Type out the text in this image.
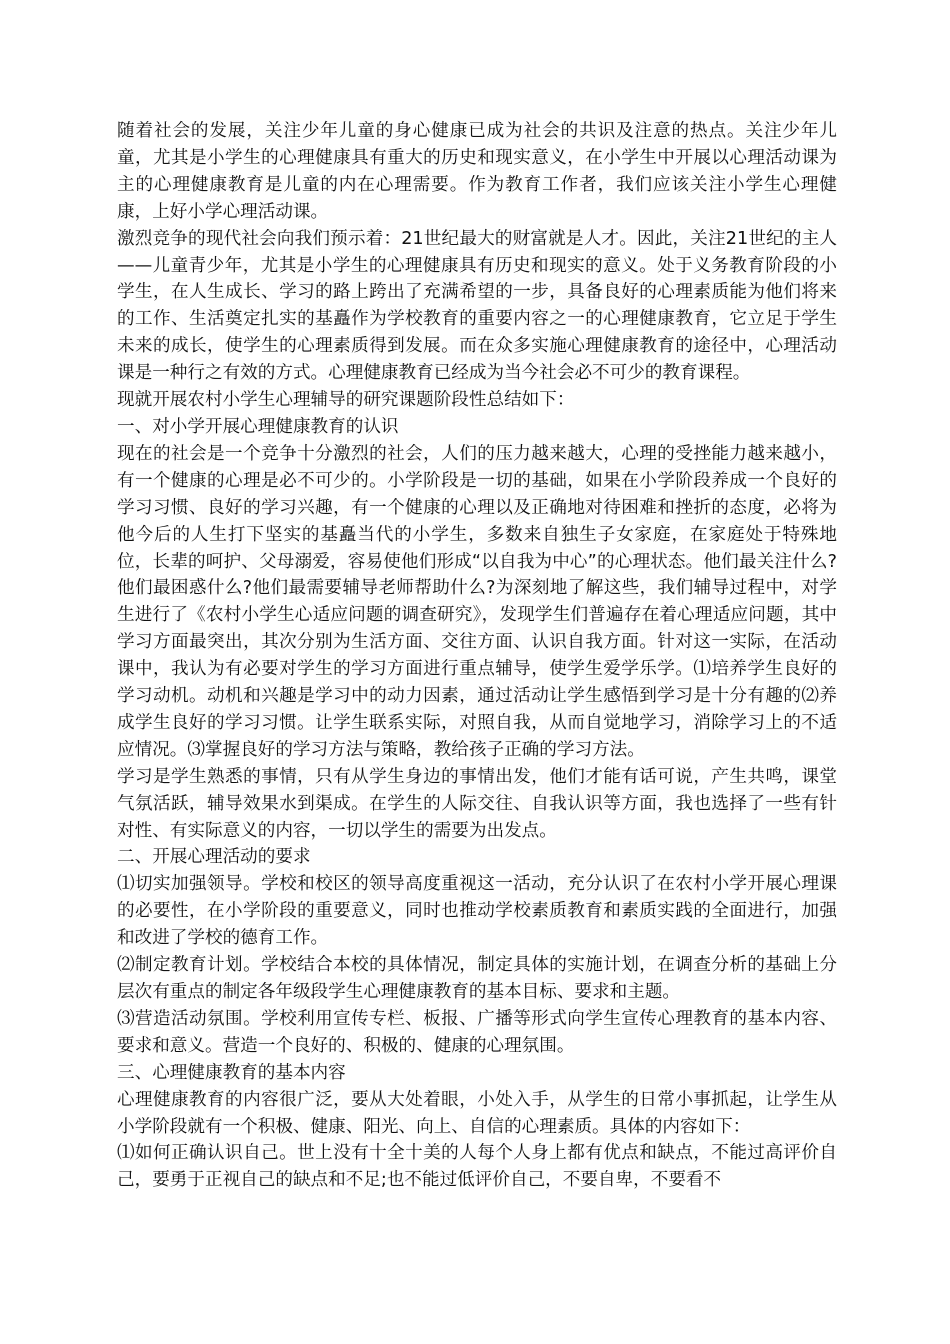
随着社会的发展，关注少年儿童的身心健康已成为社会的共识及注意的热点。关注少年儿童，尤其是小学生的心理健康具有重大的历史和现实意义，在小学生中开展以心理活动课为主的心理健康教育是儿童的内在心理需要。作为教育工作者，我们应该关注小学生心理健康，上好小学心理活动课。

激烈竞争的现代社会向我们预示着：21世纪最大的财富就是人才。因此，关注21世纪的主人——儿童青少年，尤其是小学生的心理健康具有历史和现实的意义。处于义务教育阶段的小学生，在人生成长、学习的路上跨出了充满希望的一步，具备良好的心理素质能为他们将来的工作、生活奠定扎实的基矗作为学校教育的重要内容之一的心理健康教育，它立足于学生未来的成长，使学生的心理素质得到发展。而在众多实施心理健康教育的途径中，心理活动课是一种行之有效的方式。心理健康教育已经成为当今社会必不可少的教育课程。

现就开展农村小学生心理辅导的研究课题阶段性总结如下：

一、对小学开展心理健康教育的认识

现在的社会是一个竞争十分激烈的社会，人们的压力越来越大，心理的受挫能力越来越小，有一个健康的心理是必不可少的。小学阶段是一切的基础，如果在小学阶段养成一个良好的学习习惯、良好的学习兴趣，有一个健康的心理以及正确地对待困难和挫折的态度，必将为他今后的人生打下坚实的基矗当代的小学生，多数来自独生子女家庭，在家庭处于特殊地位，长辈的呵护、父母溺爱，容易使他们形成“以自我为中心”的心理状态。他们最关注什么?他们最困惑什么?他们最需要辅导老师帮助什么?为深刻地了解这些，我们辅导过程中，对学生进行了《农村小学生心适应问题的调查研究》，发现学生们普遍存在着心理适应问题，其中学习方面最突出，其次分别为生活方面、交往方面、认识自我方面。针对这一实际，在活动课中，我认为有必要对学生的学习方面进行重点辅导，使学生爱学乐学。⑴培养学生良好的学习动机。动机和兴趣是学习中的动力因素，通过活动让学生感悟到学习是十分有趣的⑵养成学生良好的学习习惯。让学生联系实际，对照自我，从而自觉地学习，消除学习上的不适应情况。⑶掌握良好的学习方法与策略，教给孩子正确的学习方法。

学习是学生熟悉的事情，只有从学生身边的事情出发，他们才能有话可说，产生共鸣，课堂气氛活跃，辅导效果水到渠成。在学生的人际交往、自我认识等方面，我也选择了一些有针对性、有实际意义的内容，一切以学生的需要为出发点。

二、开展心理活动的要求

⑴切实加强领导。学校和校区的领导高度重视这一活动，充分认识了在农村小学开展心理课的必要性，在小学阶段的重要意义，同时也推动学校素质教育和素质实践的全面进行，加强和改进了学校的德育工作。

⑵制定教育计划。学校结合本校的具体情况，制定具体的实施计划，在调查分析的基础上分层次有重点的制定各年级段学生心理健康教育的基本目标、要求和主题。

⑶营造活动氛围。学校利用宣传专栏、板报、广播等形式向学生宣传心理教育的基本内容、要求和意义。营造一个良好的、积极的、健康的心理氛围。

三、心理健康教育的基本内容

心理健康教育的内容很广泛，要从大处着眼，小处入手，从学生的日常小事抓起，让学生从小学阶段就有一个积极、健康、阳光、向上、自信的心理素质。具体的内容如下：

⑴如何正确认识自己。世上没有十全十美的人每个人身上都有优点和缺点，不能过高评价自己，要勇于正视自己的缺点和不足;也不能过低评价自己，不要自卑，不要看不
